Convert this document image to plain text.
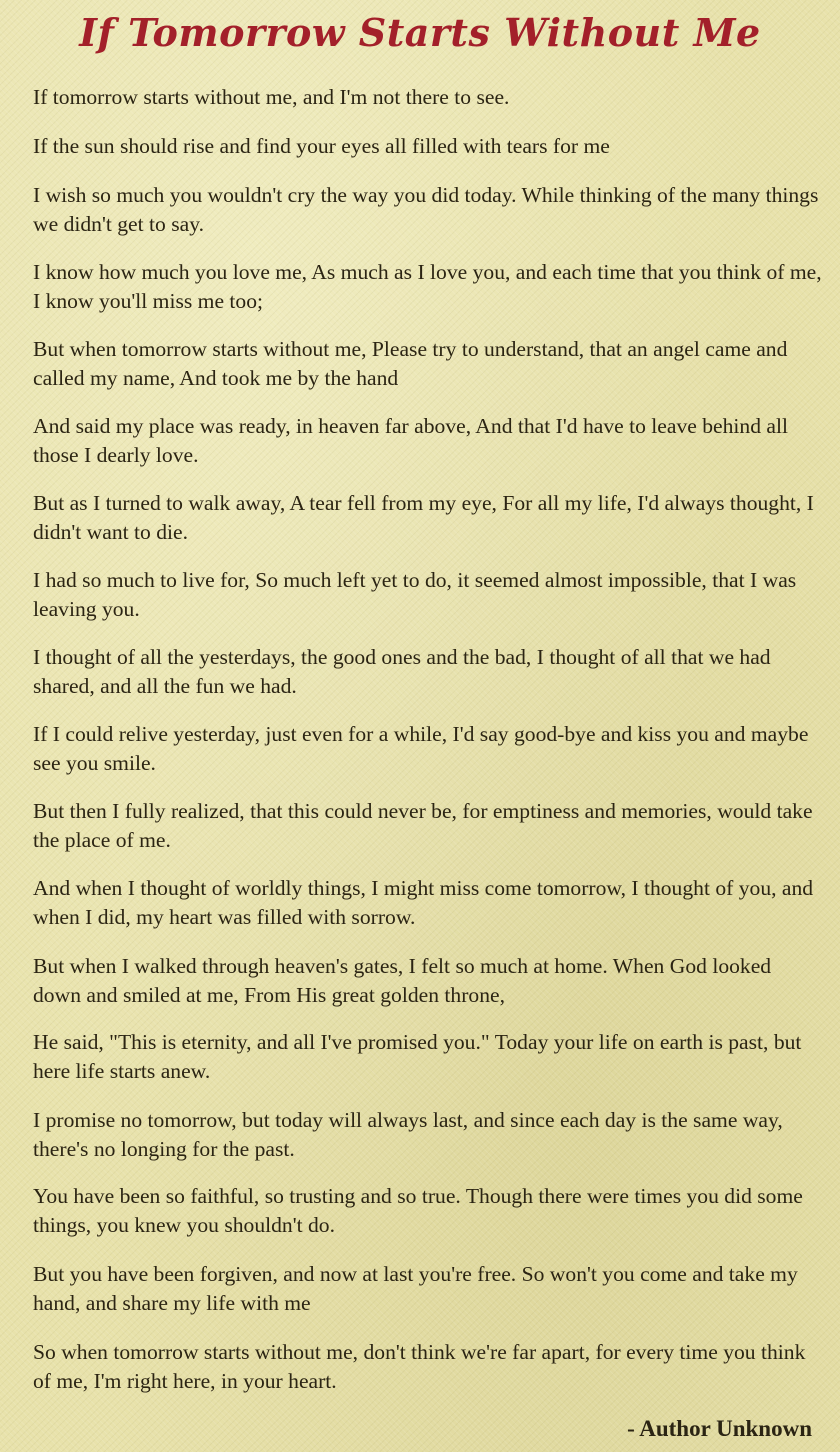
If Tomorrow Starts Without Me

If tomorrow starts without me, and I'm not there to see.

If the sun should rise and find your eyes all filled with tears for me

I wish so much you wouldn't cry the way you did today. While thinking of the many things we didn't get to say.

I know how much you love me, As much as I love you, and each time that you think of me, I know you'll miss me too;

But when tomorrow starts without me, Please try to understand, that an angel came and called my name, And took me by the hand

And said my place was ready, in heaven far above, And that I'd have to leave behind all those I dearly love.

But as I turned to walk away, A tear fell from my eye, For all my life, I'd always thought, I didn't want to die.

I had so much to live for, So much left yet to do, it seemed almost impossible, that I was leaving you.

I thought of all the yesterdays, the good ones and the bad, I thought of all that we had shared, and all the fun we had.

If I could relive yesterday, just even for a while, I'd say good-bye and kiss you and maybe see you smile.

But then I fully realized, that this could never be, for emptiness and memories, would take the place of me.

And when I thought of worldly things, I might miss come tomorrow, I thought of you, and when I did, my heart was filled with sorrow.

But when I walked through heaven's gates, I felt so much at home. When God looked down and smiled at me, From His great golden throne,

He said, "This is eternity, and all I've promised you." Today your life on earth is past, but here life starts anew.

I promise no tomorrow, but today will always last, and since each day is the same way, there's no longing for the past.

You have been so faithful, so trusting and so true. Though there were times you did some things, you knew you shouldn't do.

But you have been forgiven, and now at last you're free. So won't you come and take my hand, and share my life with me

So when tomorrow starts without me, don't think we're far apart, for every time you think of me, I'm right here, in your heart.

- Author Unknown
